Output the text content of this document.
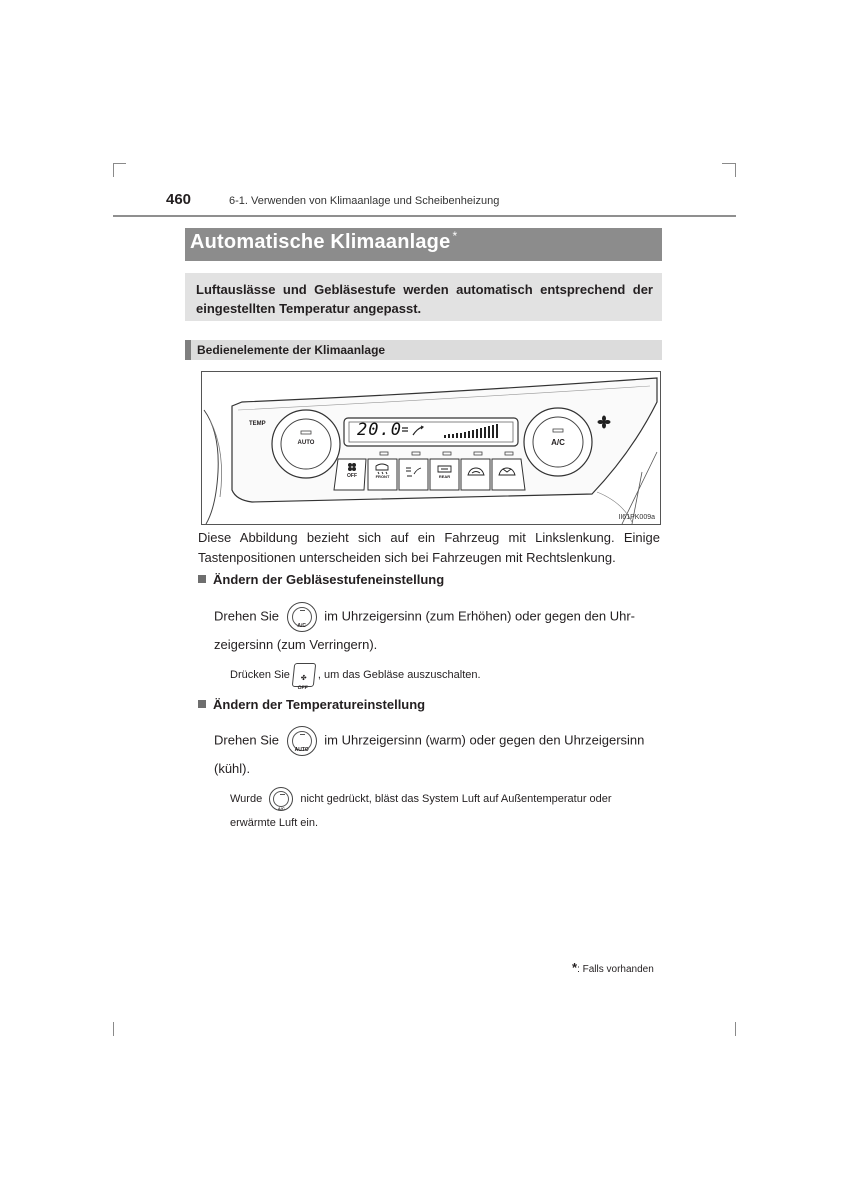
460	6-1. Verwenden von Klimaanlage und Scheibenheizung
Automatische Klimaanlage *

Luftauslässe und Gebläsestufe werden automatisch entsprechend der eingestellten Temperatur angepasst.

Bedienelemente der Klimaanlage
TEMP
AUTO	A/C
20.0
OFF	FRONT	REAR
II61PK009a

Diese Abbildung bezieht sich auf ein Fahrzeug mit Linkslenkung. Einige Tastenpositionen unterscheiden sich bei Fahrzeugen mit Rechtslenkung.

Ändern der Gebläsestufeneinstellung

Drehen Sie
A/C
im Uhrzeigersinn (zum Erhöhen) oder gegen den Uhr-
zeigersinn (zum Verringern).

Drücken Sie ✤
OFF
, um das Gebläse auszuschalten.

Ändern der Temperatureinstellung

Drehen Sie
AUTO
im Uhrzeigersinn (warm) oder gegen den Uhrzeigersinn
(kühl).

Wurde
A/C
nicht gedrückt, bläst das System Luft auf Außentemperatur oder
erwärmte Luft ein.

*: Falls vorhanden
